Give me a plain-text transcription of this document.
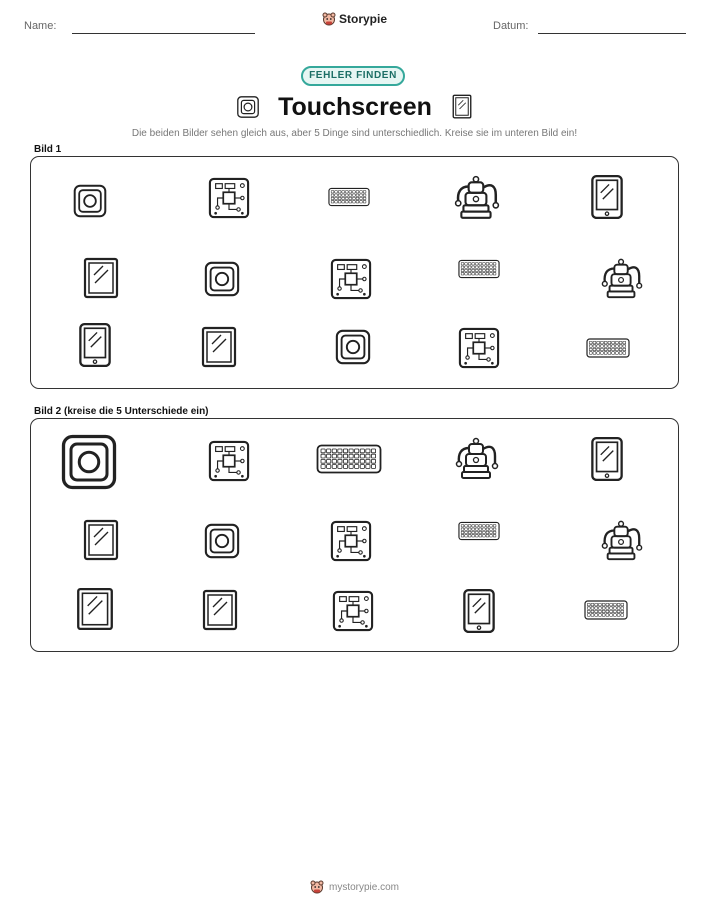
Name:	Storypie	Datum:
FEHLER FINDEN
Touchscreen
Die beiden Bilder sehen gleich aus, aber 5 Dinge sind unterschiedlich. Kreise sie im unteren Bild ein!
Bild 1
Bild 2 (kreise die 5 Unterschiede ein)
mystorypie.com
